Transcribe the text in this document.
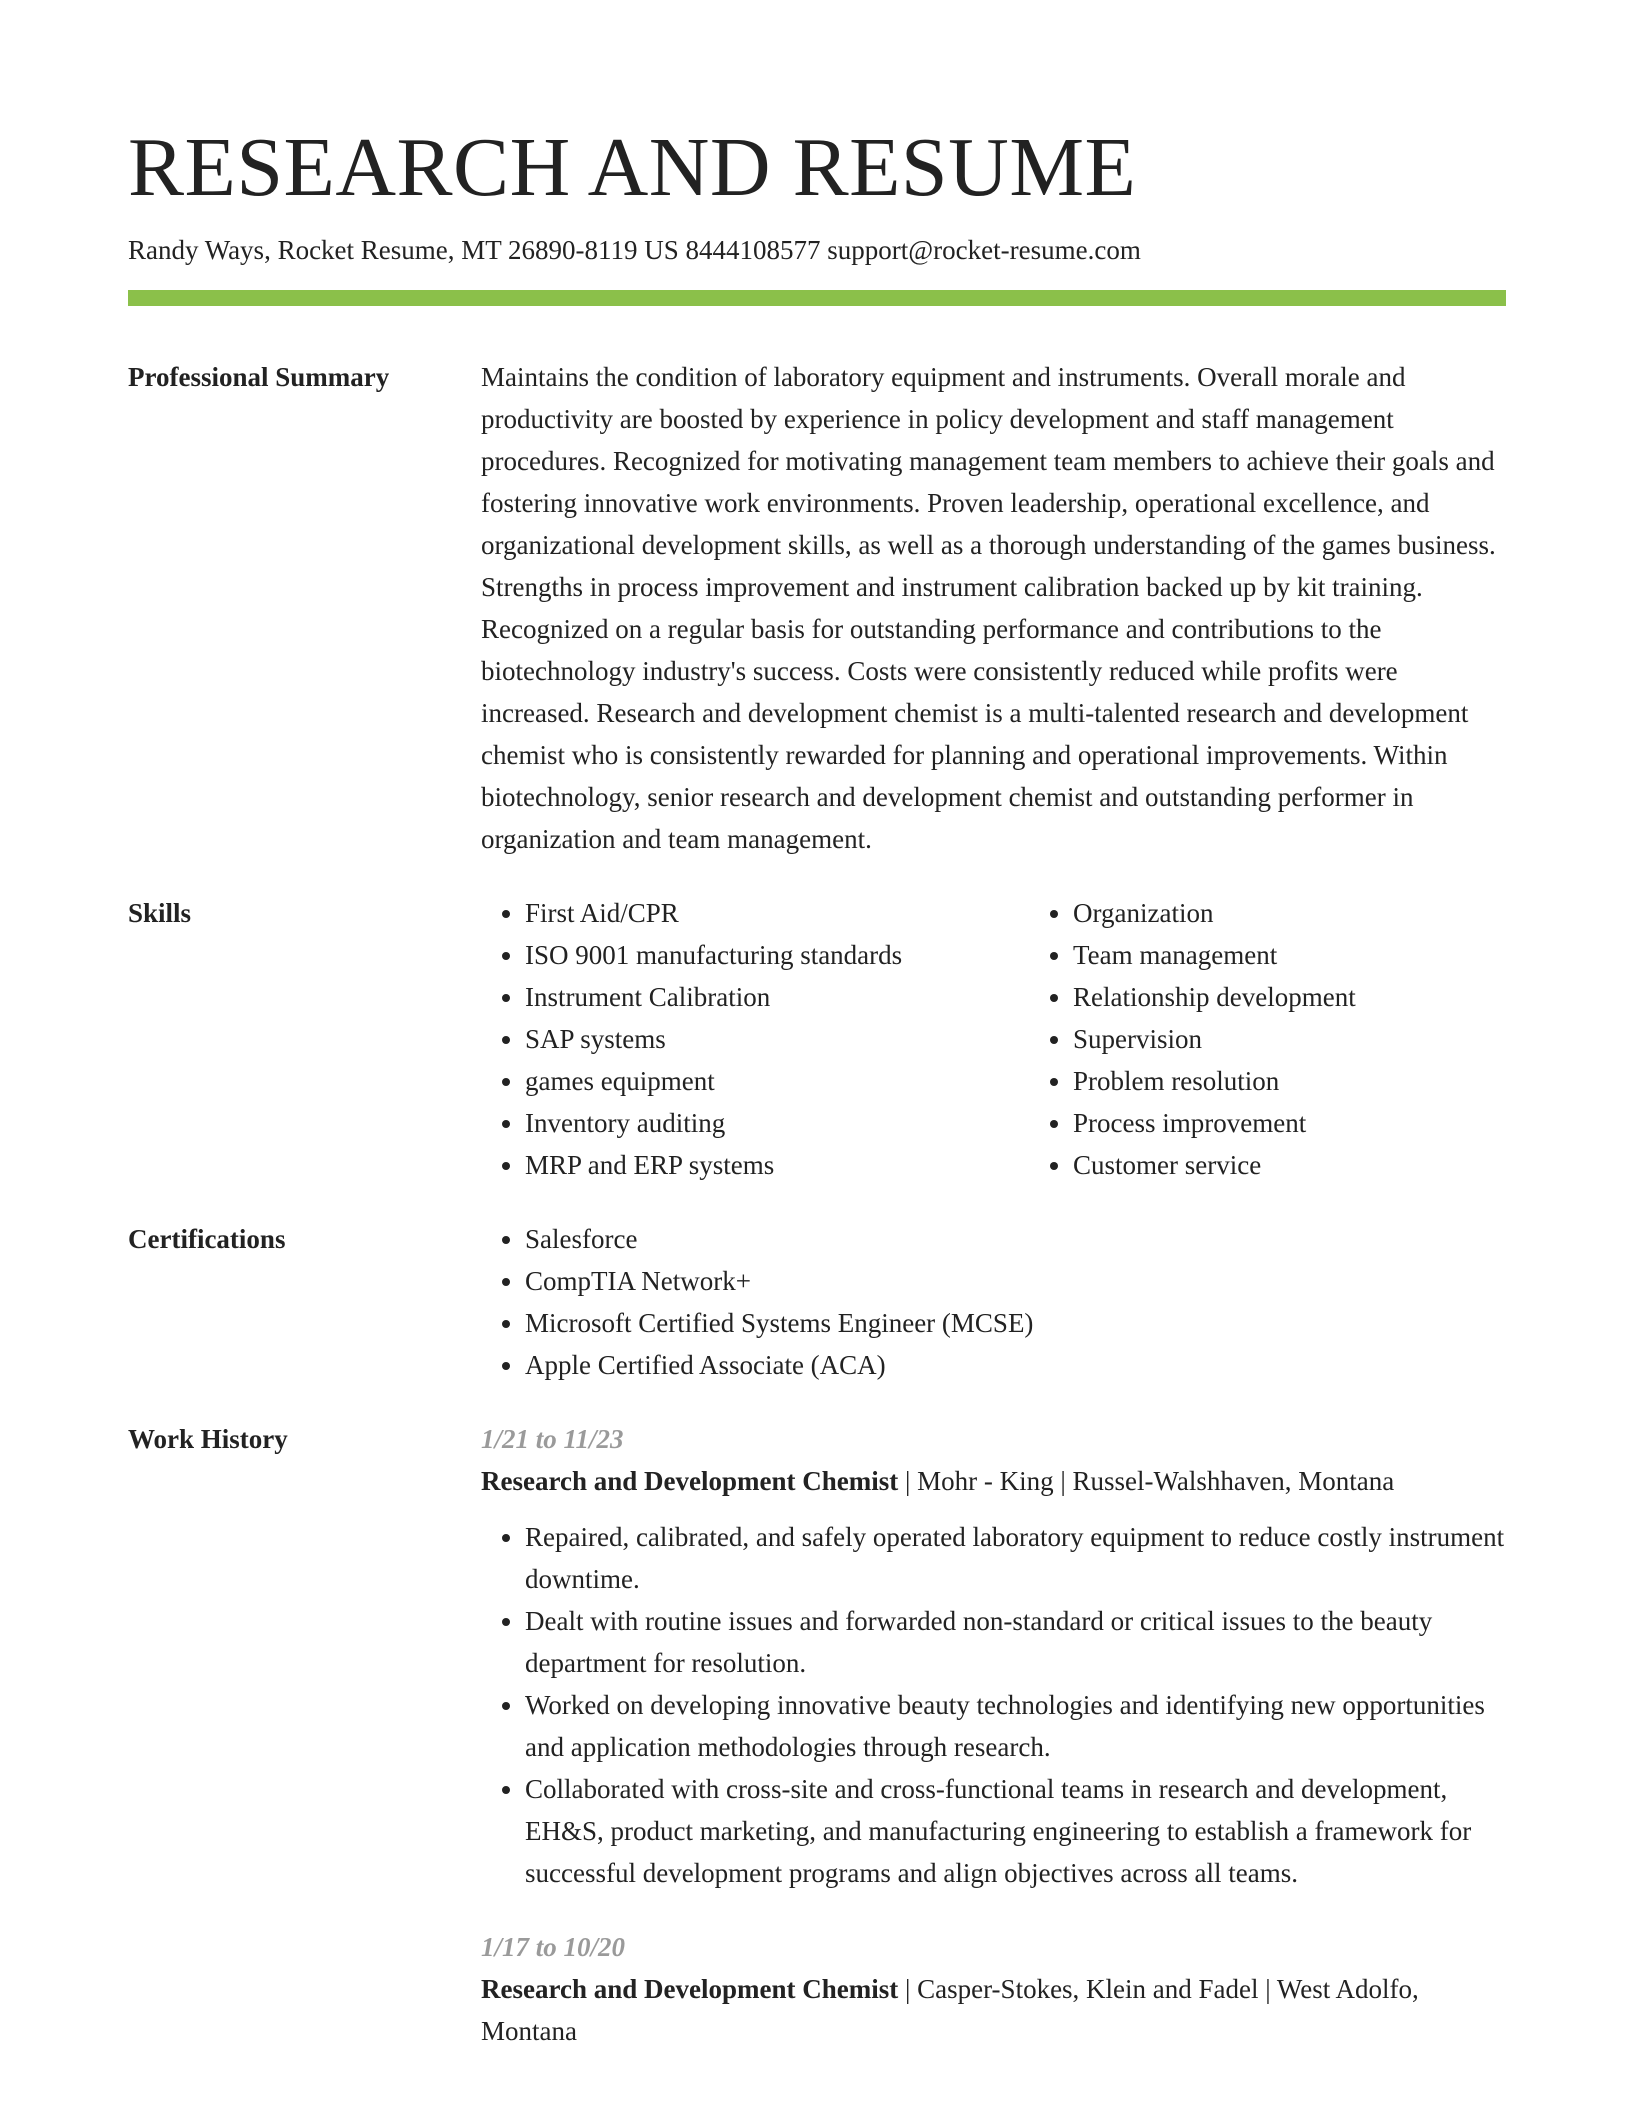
RESEARCH AND RESUME
Randy Ways, Rocket Resume, MT 26890-8119 US 8444108577 support@rocket-resume.com
Professional Summary	Maintains the condition of laboratory equipment and instruments. Overall morale and productivity are boosted by experience in policy development and staff management procedures. Recognized for motivating management team members to achieve their goals and fostering innovative work environments. Proven leadership, operational excellence, and organizational development skills, as well as a thorough understanding of the games business. Strengths in process improvement and instrument calibration backed up by kit training. Recognized on a regular basis for outstanding performance and contributions to the biotechnology industry's success. Costs were consistently reduced while profits were increased. Research and development chemist is a multi-talented research and development chemist who is consistently rewarded for planning and operational improvements. Within biotechnology, senior research and development chemist and outstanding performer in organization and team management.
Skills	• First Aid/CPR
• ISO 9001 manufacturing standards
• Instrument Calibration
• SAP systems
• games equipment
• Inventory auditing
• MRP and ERP systems
• Organization
• Team management
• Relationship development
• Supervision
• Problem resolution
• Process improvement
• Customer service
Certifications	• Salesforce
• CompTIA Network+
• Microsoft Certified Systems Engineer (MCSE)
• Apple Certified Associate (ACA)
Work History	1/21 to 11/23
Research and Development Chemist | Mohr - King | Russel-Walshhaven, Montana
• Repaired, calibrated, and safely operated laboratory equipment to reduce costly instrument downtime.
• Dealt with routine issues and forwarded non-standard or critical issues to the beauty department for resolution.
• Worked on developing innovative beauty technologies and identifying new opportunities and application methodologies through research.
• Collaborated with cross-site and cross-functional teams in research and development, EH&S, product marketing, and manufacturing engineering to establish a framework for successful development programs and align objectives across all teams.
1/17 to 10/20
Research and Development Chemist | Casper-Stokes, Klein and Fadel | West Adolfo, Montana
